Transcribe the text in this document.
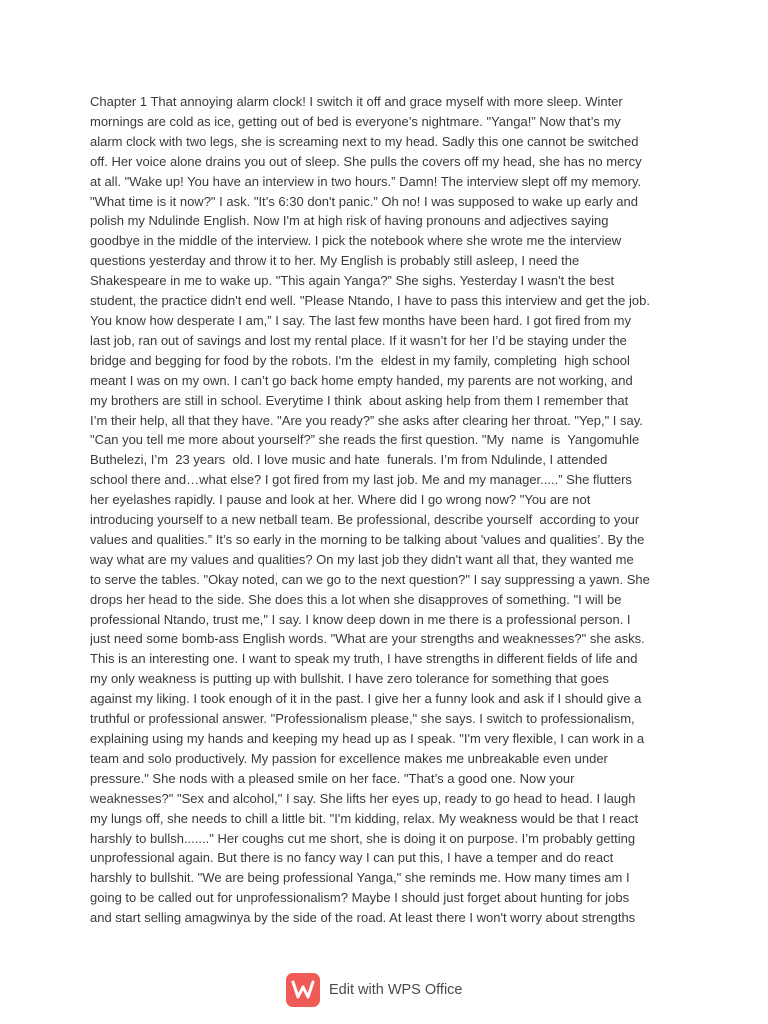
Chapter 1 That annoying alarm clock! I switch it off and grace myself with more sleep. Winter
mornings are cold as ice, getting out of bed is everyone’s nightmare. "Yanga!” Now that’s my
alarm clock with two legs, she is screaming next to my head. Sadly this one cannot be switched
off. Her voice alone drains you out of sleep. She pulls the covers off my head, she has no mercy
at all. "Wake up! You have an interview in two hours.” Damn! The interview slept off my memory.
"What time is it now?" I ask. "It’s 6:30 don't panic.” Oh no! I was supposed to wake up early and
polish my Ndulinde English. Now I'm at high risk of having pronouns and adjectives saying
goodbye in the middle of the interview. I pick the notebook where she wrote me the interview
questions yesterday and throw it to her. My English is probably still asleep, I need the
Shakespeare in me to wake up. "This again Yanga?” She sighs. Yesterday I wasn't the best
student, the practice didn't end well. "Please Ntando, I have to pass this interview and get the job.
You know how desperate I am,” I say. The last few months have been hard. I got fired from my
last job, ran out of savings and lost my rental place. If it wasn’t for her I’d be staying under the
bridge and begging for food by the robots. I'm the  eldest in my family, completing  high school
meant I was on my own. I can’t go back home empty handed, my parents are not working, and
my brothers are still in school. Everytime I think  about asking help from them I remember that
I’m their help, all that they have. "Are you ready?” she asks after clearing her throat. "Yep," I say.
"Can you tell me more about yourself?” she reads the first question. "My  name  is  Yangomuhle
Buthelezi, I’m  23 years  old. I love music and hate  funerals. I’m from Ndulinde, I attended
school there and…what else? I got fired from my last job. Me and my manager.....” She flutters
her eyelashes rapidly. I pause and look at her. Where did I go wrong now? "You are not
introducing yourself to a new netball team. Be professional, describe yourself  according to your
values and qualities.” It’s so early in the morning to be talking about 'values and qualities’. By the
way what are my values and qualities? On my last job they didn't want all that, they wanted me
to serve the tables. "Okay noted, can we go to the next question?" I say suppressing a yawn. She
drops her head to the side. She does this a lot when she disapproves of something. "I will be
professional Ntando, trust me," I say. I know deep down in me there is a professional person. I
just need some bomb-ass English words. "What are your strengths and weaknesses?" she asks.
This is an interesting one. I want to speak my truth, I have strengths in different fields of life and
my only weakness is putting up with bullshit. I have zero tolerance for something that goes
against my liking. I took enough of it in the past. I give her a funny look and ask if I should give a
truthful or professional answer. "Professionalism please," she says. I switch to professionalism,
explaining using my hands and keeping my head up as I speak. "I'm very flexible, I can work in a
team and solo productively. My passion for excellence makes me unbreakable even under
pressure." She nods with a pleased smile on her face. "That’s a good one. Now your
weaknesses?" "Sex and alcohol," I say. She lifts her eyes up, ready to go head to head. I laugh
my lungs off, she needs to chill a little bit. "I'm kidding, relax. My weakness would be that I react
harshly to bullsh......." Her coughs cut me short, she is doing it on purpose. I’m probably getting
unprofessional again. But there is no fancy way I can put this, I have a temper and do react
harshly to bullshit. "We are being professional Yanga," she reminds me. How many times am I
going to be called out for unprofessionalism? Maybe I should just forget about hunting for jobs
and start selling amagwinya by the side of the road. At least there I won't worry about strengths
Edit with WPS Office
